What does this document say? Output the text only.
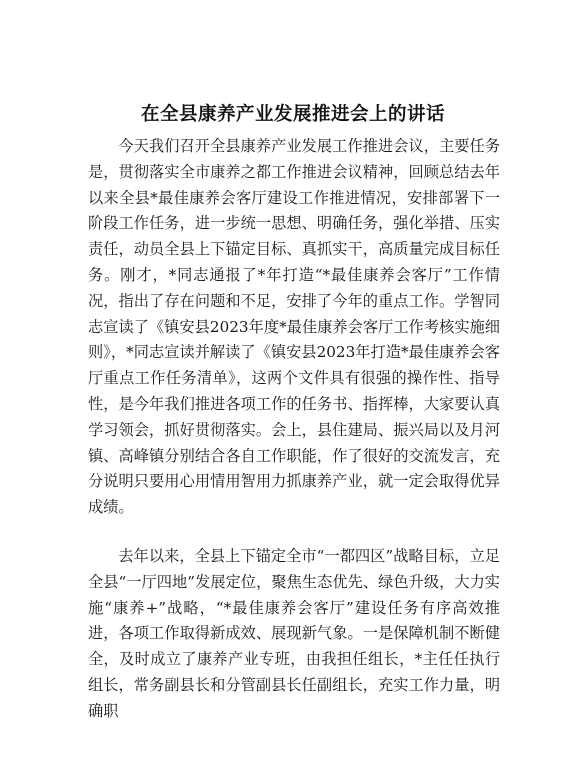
在全县康养产业发展推进会上的讲话

今天我们召开全县康养产业发展工作推进会议，主要任务是，贯彻落实全市康养之都工作推进会议精神，回顾总结去年以来全县*最佳康养会客厅建设工作推进情况，安排部署下一阶段工作任务，进一步统一思想、明确任务，强化举措、压实责任，动员全县上下锚定目标、真抓实干，高质量完成目标任务。刚才，*同志通报了*年打造“*最佳康养会客厅”工作情况，指出了存在问题和不足，安排了今年的重点工作。学智同志宣读了《镇安县2023年度*最佳康养会客厅工作考核实施细则》，*同志宣读并解读了《镇安县2023年打造*最佳康养会客厅重点工作任务清单》，这两个文件具有很强的操作性、指导性，是今年我们推进各项工作的任务书、指挥棒，大家要认真学习领会，抓好贯彻落实。会上，县住建局、振兴局以及月河镇、高峰镇分别结合各自工作职能，作了很好的交流发言，充分说明只要用心用情用智用力抓康养产业，就一定会取得优异成绩。

去年以来，全县上下锚定全市“一都四区”战略目标，立足全县“一厅四地”发展定位，聚焦生态优先、绿色升级，大力实施“康养+”战略，“*最佳康养会客厅”建设任务有序高效推进，各项工作取得新成效、展现新气象。一是保障机制不断健全，及时成立了康养产业专班，由我担任组长，*主任任执行组长，常务副县长和分管副县长任副组长，充实工作力量，明确职
